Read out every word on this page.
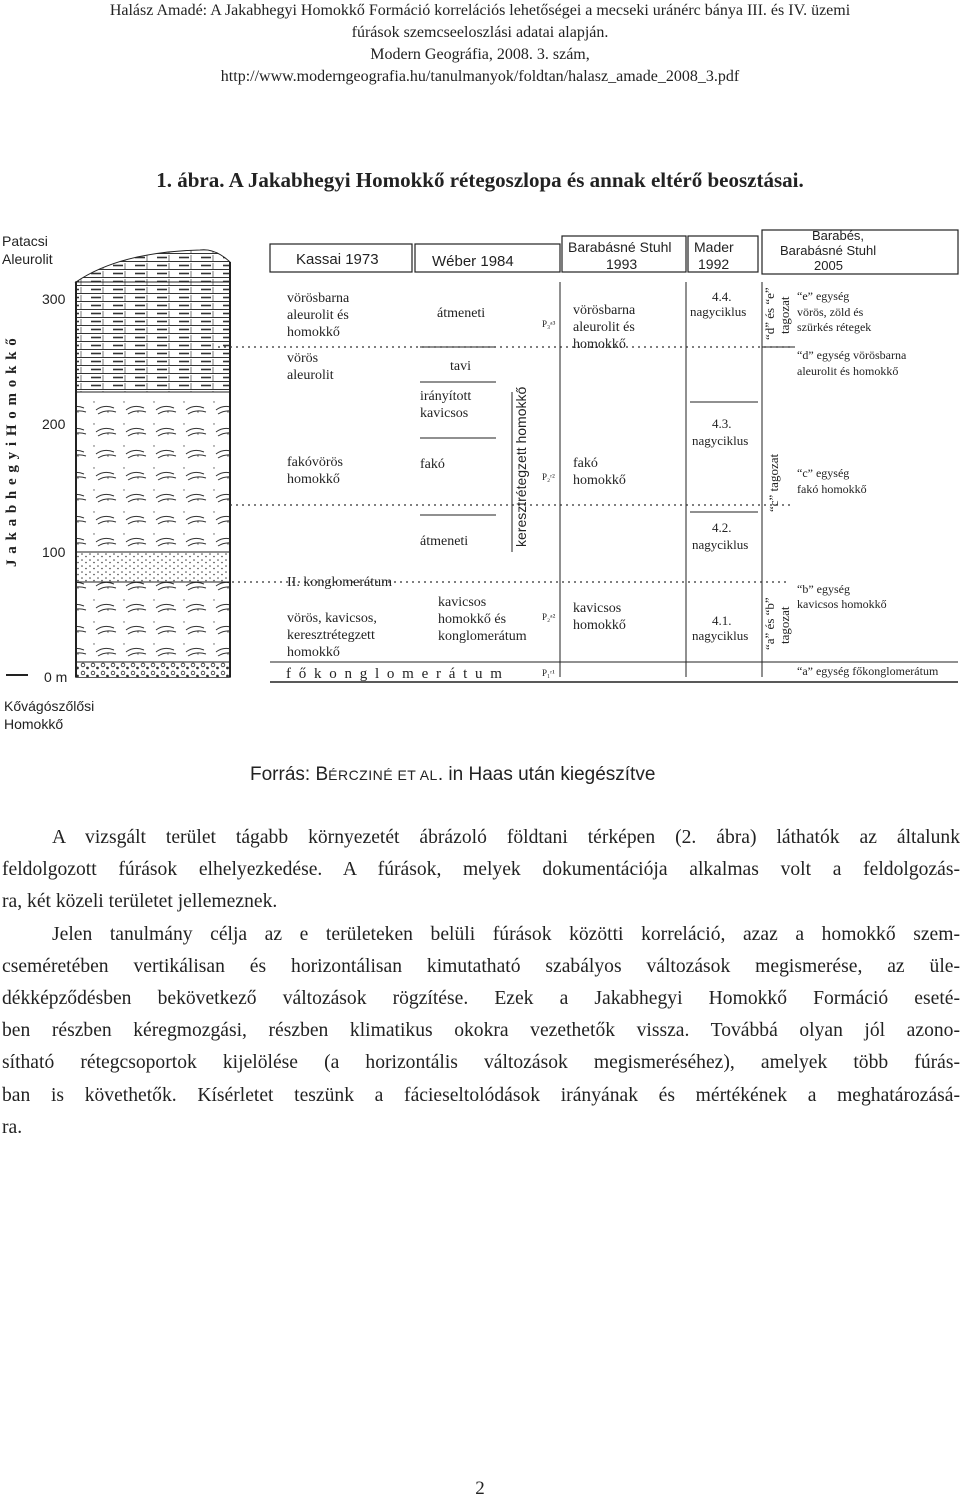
Halász Amadé: A Jakabhegyi Homokkő Formáció korrelációs lehetőségei a mecseki uránérc bánya III. és IV. üzemi
fúrások szemcseeloszlási adatai alapján.
Modern Geográfia, 2008. 3. szám,
http://www.moderngeografia.hu/tanulmanyok/foldtan/halasz_amade_2008_3.pdf
1. ábra. A Jakabhegyi Homokkő rétegoszlopa és annak eltérő beosztásai.
Patacsi
Aleurolit
Kővágószőlősi
Homokkő
J a k a b h e g y i H o m o k k ő
300
200
100
0 m
Kassai 1973	Wéber 1984
Barabásné Stuhl
1993
Mader
1992
Barabés,
Barabásné Stuhl
2005
vörösbarna
aleurolit és
homokkő
vörös
aleurolit
fakóvörös
homokkő
II. konglomerátum
vörös, kavicsos,
keresztrétegzett
homokkő
f ő k o n g l o m e r á t u m
átmeneti
tavi
irányított
kavicsos
fakó
átmeneti
kavicsos
homokkő és
konglomerátum
keresztrétegzett homokkő
P₃ᵃ³
P₂ʳ²
P₂ᵃ²
P₁ʳ¹
vörösbarna
aleurolit és
homokkő
fakó
homokkő
kavicsos
homokkő
4.4.
nagyciklus
4.3.
nagyciklus
4.2.
nagyciklus
4.1.
nagyciklus
“d” és “e” tagozat
“c” tagozat
“a” és “b” tagozat
“e” egység
vörös, zöld és
szürkés rétegek
“d” egység vörösbarna
aleurolit és homokkő
“c” egység
fakó homokkő
“b” egység
kavicsos homokkő
“a” egység főkonglomerátum
Forrás: BÉRCZINÉ ET AL. in Haas után kiegészítve

A vizsgált terület tágabb környezetét ábrázoló földtani térképen (2. ábra) láthatók az általunk
feldolgozott fúrások elhelyezkedése. A fúrások, melyek dokumentációja alkalmas volt a feldolgozás-
ra, két közeli területet jellemeznek.

Jelen tanulmány célja az e területeken belüli fúrások közötti korreláció, azaz a homokkő szem-
cseméretében vertikálisan és horizontálisan kimutatható szabályos változások megismerése, az üle-
dékképződésben bekövetkező változások rögzítése. Ezek a Jakabhegyi Homokkő Formáció eseté-
ben részben kéregmozgási, részben klimatikus okokra vezethetők vissza. Továbbá olyan jól azono-
sítható rétegcsoportok kijelölése (a horizontális változások megismeréséhez), amelyek több fúrás-
ban is követhetők. Kísérletet teszünk a fácieseltolódások irányának és mértékének a meghatározásá-
ra.

2
